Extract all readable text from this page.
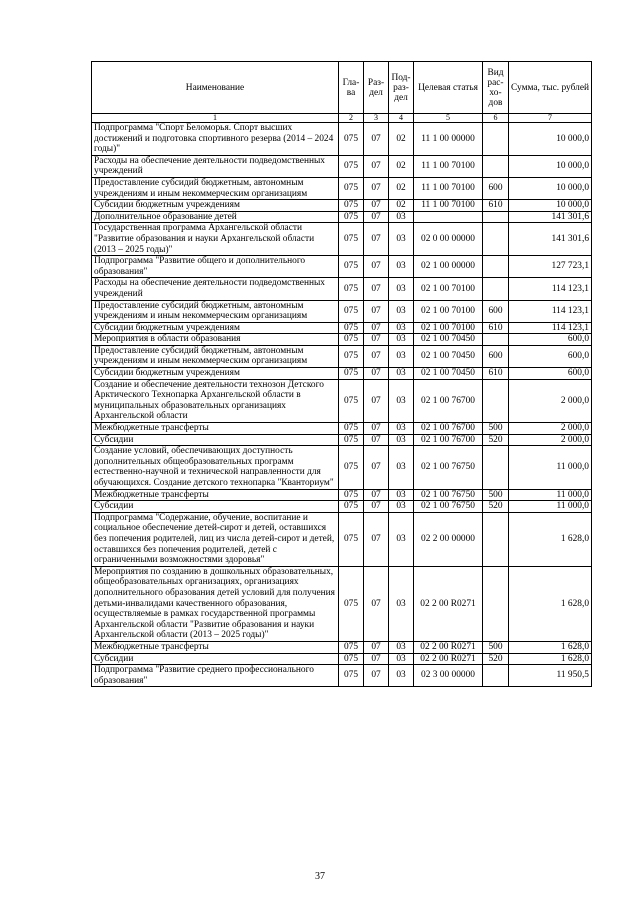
Наименование	Гла-ва	Раз-дел	Под-раз-дел	Целевая статья	Вид рас-хо-дов	Сумма, тыс. рублей
1	2	3	4	5	6	7
Подпрограмма "Спорт Беломорья. Спорт высших достижений и подготовка спортивного резерва (2014 – 2024 годы)"	075	07	02	11 1 00 00000		10 000,0
Расходы на обеспечение деятельности подведомственных учреждений	075	07	02	11 1 00 70100		10 000,0
Предоставление субсидий бюджетным, автономным учреждениям и иным некоммерческим организациям	075	07	02	11 1 00 70100	600	10 000,0
Субсидии бюджетным учреждениям	075	07	02	11 1 00 70100	610	10 000,0
Дополнительное образование детей	075	07	03			141 301,6
Государственная программа Архангельской области "Развитие образования и науки Архангельской области (2013 – 2025 годы)"	075	07	03	02 0 00 00000		141 301,6
Подпрограмма "Развитие общего и дополнительного образования"	075	07	03	02 1 00 00000		127 723,1
Расходы на обеспечение деятельности подведомственных учреждений	075	07	03	02 1 00 70100		114 123,1
Предоставление субсидий бюджетным, автономным учреждениям и иным некоммерческим организациям	075	07	03	02 1 00 70100	600	114 123,1
Субсидии бюджетным учреждениям	075	07	03	02 1 00 70100	610	114 123,1
Мероприятия в области образования	075	07	03	02 1 00 70450		600,0
Предоставление субсидий бюджетным, автономным учреждениям и иным некоммерческим организациям	075	07	03	02 1 00 70450	600	600,0
Субсидии бюджетным учреждениям	075	07	03	02 1 00 70450	610	600,0
Создание и обеспечение деятельности технозон Детского Арктического Технопарка Архангельской области в муниципальных образовательных организациях Архангельской области	075	07	03	02 1 00 76700		2 000,0
Межбюджетные трансферты	075	07	03	02 1 00 76700	500	2 000,0
Субсидии	075	07	03	02 1 00 76700	520	2 000,0
Создание условий, обеспечивающих доступность дополнительных общеобразовательных программ естественно-научной и технической направленности для обучающихся. Создание детского технопарка "Кванториум"	075	07	03	02 1 00 76750		11 000,0
Межбюджетные трансферты	075	07	03	02 1 00 76750	500	11 000,0
Субсидии	075	07	03	02 1 00 76750	520	11 000,0
Подпрограмма "Содержание, обучение, воспитание и социальное обеспечение детей-сирот и детей, оставшихся без попечения родителей, лиц из числа детей-сирот и детей, оставшихся без попечения родителей, детей с ограниченными возможностями здоровья"	075	07	03	02 2 00 00000		1 628,0
Мероприятия по созданию в дошкольных образовательных, общеобразовательных организациях, организациях дополнительного образования детей условий для получения детьми-инвалидами качественного образования, осуществляемые в рамках государственной программы Архангельской области "Развитие образования и науки Архангельской области (2013 – 2025 годы)"	075	07	03	02 2 00 R0271		1 628,0
Межбюджетные трансферты	075	07	03	02 2 00 R0271	500	1 628,0
Субсидии	075	07	03	02 2 00 R0271	520	1 628,0
Подпрограмма "Развитие среднего профессионального образования"	075	07	03	02 3 00 00000		11 950,5
37
